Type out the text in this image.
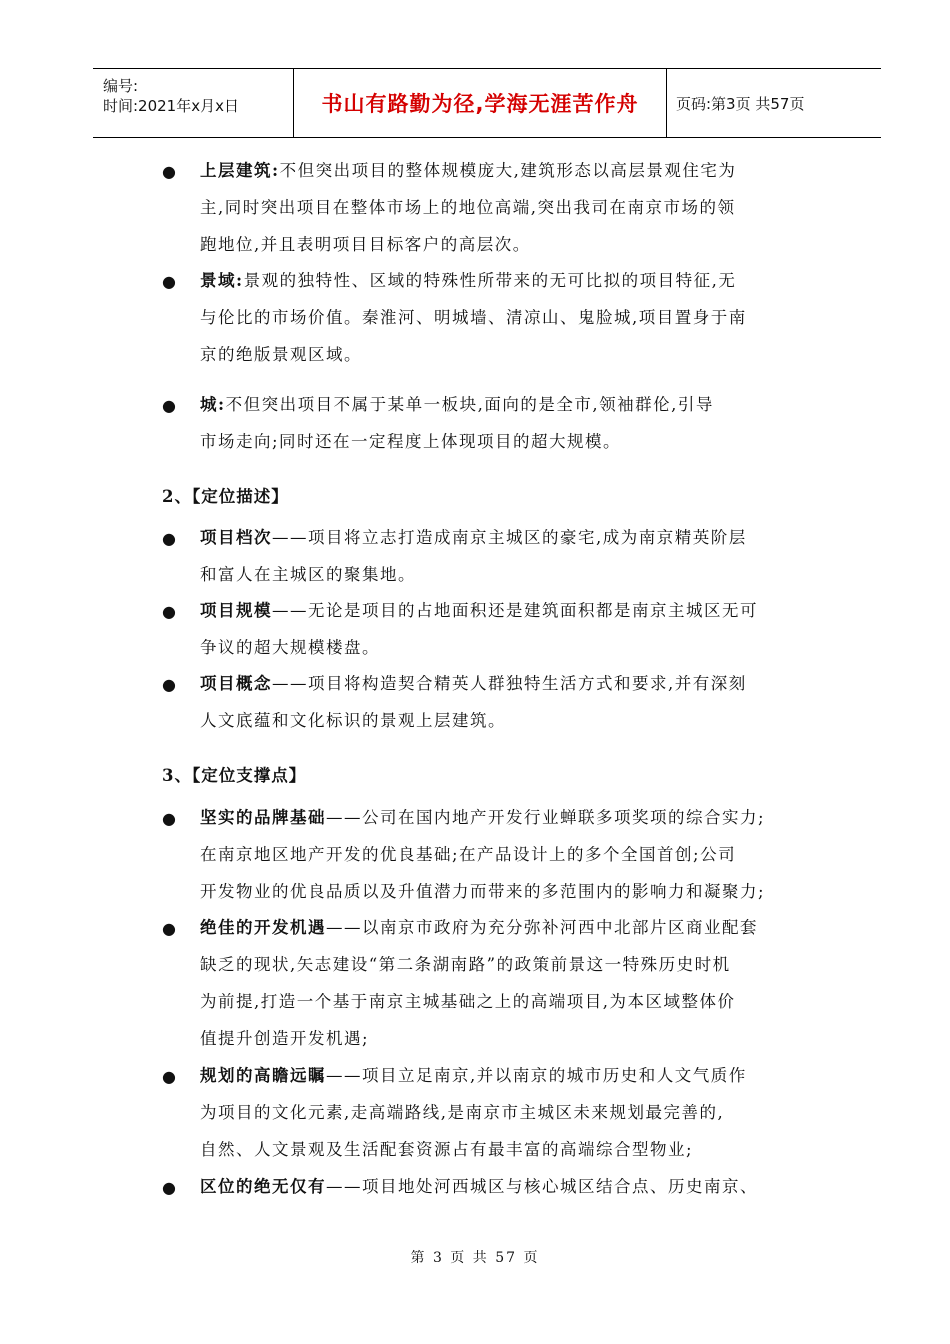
编号:
时间:2021年x月x日	书山有路勤为径,学海无涯苦作舟	页码:第3页 共57页
● 上层建筑:不但突出项目的整体规模庞大,建筑形态以高层景观住宅为
主,同时突出项目在整体市场上的地位高端,突出我司在南京市场的领
跑地位,并且表明项目目标客户的高层次。
● 景域:景观的独特性、区域的特殊性所带来的无可比拟的项目特征,无
与伦比的市场价值。秦淮河、明城墙、清凉山、鬼脸城,项目置身于南
京的绝版景观区域。
● 城:不但突出项目不属于某单一板块,面向的是全市,领袖群伦,引导
市场走向;同时还在一定程度上体现项目的超大规模。
2、【定位描述】
● 项目档次——项目将立志打造成南京主城区的豪宅,成为南京精英阶层
和富人在主城区的聚集地。
● 项目规模——无论是项目的占地面积还是建筑面积都是南京主城区无可
争议的超大规模楼盘。
● 项目概念——项目将构造契合精英人群独特生活方式和要求,并有深刻
人文底蕴和文化标识的景观上层建筑。
3、【定位支撑点】
● 坚实的品牌基础——公司在国内地产开发行业蝉联多项奖项的综合实力;
在南京地区地产开发的优良基础;在产品设计上的多个全国首创;公司
开发物业的优良品质以及升值潜力而带来的多范围内的影响力和凝聚力;
● 绝佳的开发机遇——以南京市政府为充分弥补河西中北部片区商业配套
缺乏的现状,矢志建设“第二条湖南路”的政策前景这一特殊历史时机
为前提,打造一个基于南京主城基础之上的高端项目,为本区域整体价
值提升创造开发机遇;
● 规划的高瞻远瞩——项目立足南京,并以南京的城市历史和人文气质作
为项目的文化元素,走高端路线,是南京市主城区未来规划最完善的,
自然、人文景观及生活配套资源占有最丰富的高端综合型物业;
● 区位的绝无仅有——项目地处河西城区与核心城区结合点、历史南京、
第 3 页 共 57 页
